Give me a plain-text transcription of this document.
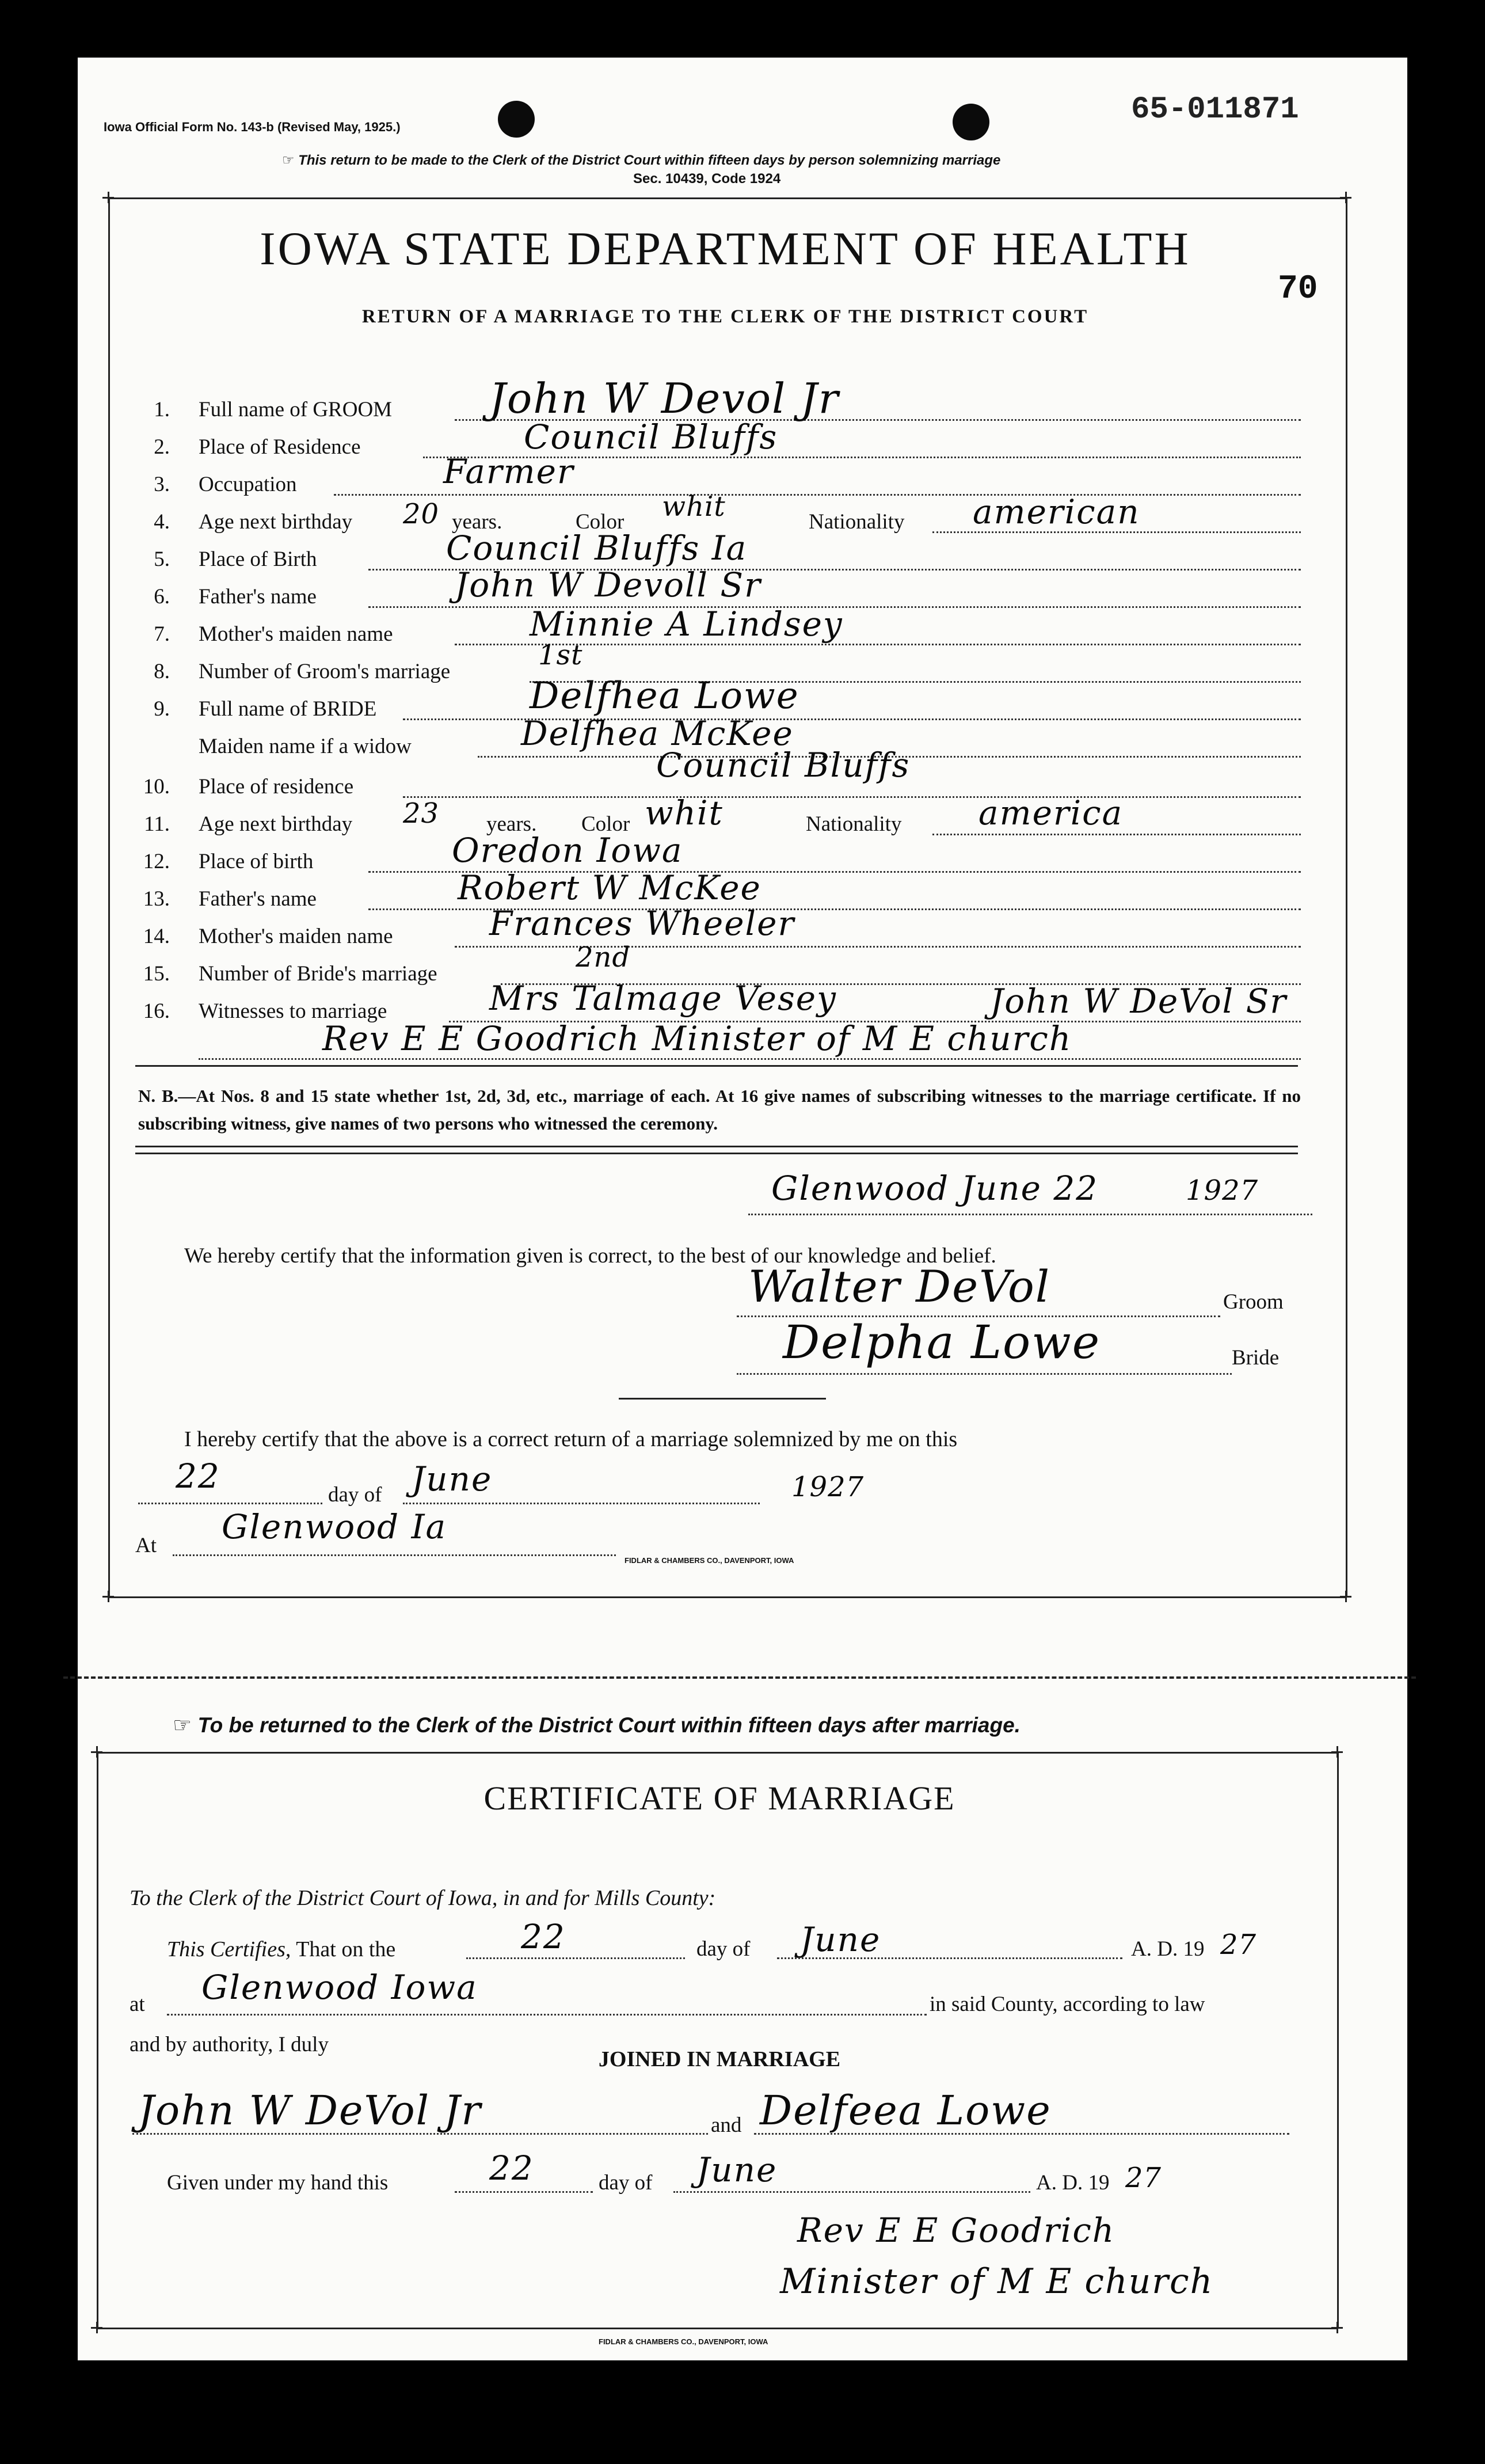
Iowa Official Form No. 143-b (Revised May, 1925.)
☞ This return to be made to the Clerk of the District Court within fifteen days by person solemnizing marriage
Sec. 10439, Code 1924
65-011871
70
IOWA STATE DEPARTMENT OF HEALTH
RETURN OF A MARRIAGE TO THE CLERK OF THE DISTRICT COURT
1. Full name of GROOM John W Devol Jr
2. Place of Residence	Council Bluffs
3. Occupation	Farmer
4. Age next birthday 20 years.	Color whit	Nationality american
5. Place of Birth	Council Bluffs Ia
6. Father's name	John W Devoll Sr
7. Mother's maiden name	Minnie A Lindsey
8. Number of Groom's marriage
1st
9. Full name of BRIDE	Delfhea Lowe
Maiden name if a widow	Delfhea McKee
10. Place of residence
Council Bluffs
11. Age next birthday 23 years. Color whit	Nationality america
12. Place of birth	Oredon Iowa
13. Father's name	Robert W McKee
14. Mother's maiden name	Frances Wheeler
15. Number of Bride's marriage
2nd
16. Witnesses to marriage	Mrs Talmage Vesey	John W DeVol Sr
Rev E E Goodrich Minister of M E church
N. B.—At Nos. 8 and 15 state whether 1st, 2d, 3d, etc., marriage of each. At 16 give names of subscribing witnesses to the marriage certificate. If no subscribing witness, give names of two persons who witnessed the ceremony.
Glenwood June 22	1927
We hereby certify that the information given is correct, to the best of our knowledge and belief.
Walter DeVol	Groom
Delpha Lowe	Bride
I hereby certify that the above is a correct return of a marriage solemnized by me on this
22	day of June	1927
At Glenwood Ia
FIDLAR & CHAMBERS CO., DAVENPORT, IOWA
☞ To be returned to the Clerk of the District Court within fifteen days after marriage.
CERTIFICATE OF MARRIAGE
To the Clerk of the District Court of Iowa, in and for Mills County:
This Certifies, That on the	22	day of June	A. D. 19 27
at Glenwood Iowa	in said County, according to law
and by authority, I duly
JOINED IN MARRIAGE
John W DeVol Jr	and Delfeea Lowe
Given under my hand this	22	day of June	A. D. 19 27
Rev E E Goodrich
Minister of M E church
FIDLAR & CHAMBERS CO., DAVENPORT, IOWA
